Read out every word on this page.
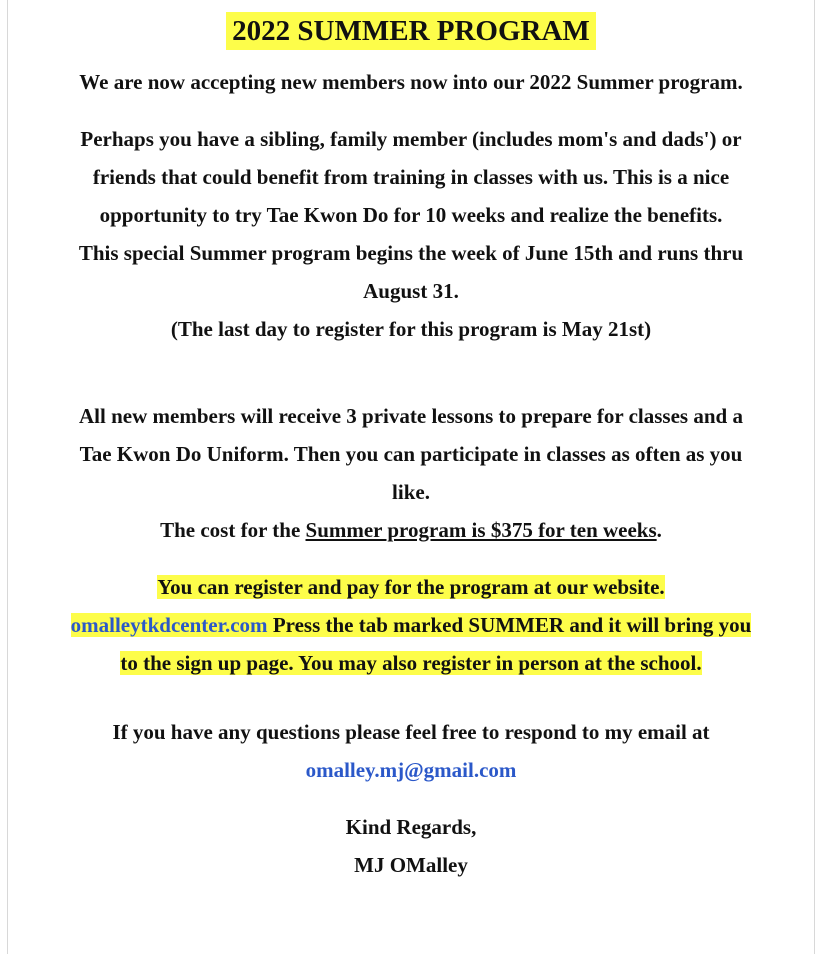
2022 SUMMER PROGRAM
We are now accepting new members now into our 2022 Summer program.
Perhaps you have a sibling, family member (includes mom's and dads') or
friends that could benefit from training in classes with us. This is a nice
opportunity to try Tae Kwon Do for 10 weeks and realize the benefits.
This special Summer program begins the week of June 15th and runs thru
August 31.
(The last day to register for this program is May 21st)
All new members will receive 3 private lessons to prepare for classes and a
Tae Kwon Do Uniform. Then you can participate in classes as often as you
like.
The cost for the Summer program is $375 for ten weeks.
You can register and pay for the program at our website.
omalleytkdcenter.com Press the tab marked SUMMER and it will bring you
to the sign up page. You may also register in person at the school.
If you have any questions please feel free to respond to my email at
omalley.mj@gmail.com
Kind Regards,
MJ OMalley
